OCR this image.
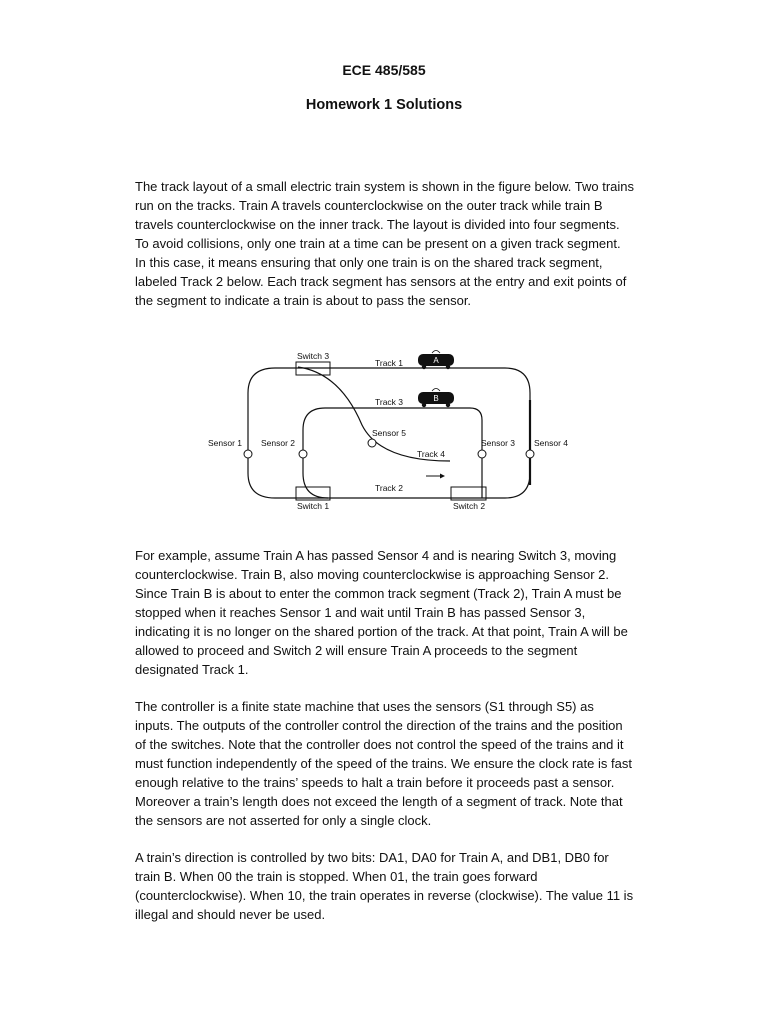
ECE 485/585
Homework 1 Solutions

The track layout of a small electric train system is shown in the figure below. Two trains run on the tracks. Train A travels counterclockwise on the outer track while train B travels counterclockwise on the inner track. The layout is divided into four segments. To avoid collisions, only one train at a time can be present on a given track segment. In this case, it means ensuring that only one train is on the shared track segment, labeled Track 2 below. Each track segment has sensors at the entry and exit points of the segment to indicate a train is about to pass the sensor.

A
B
Switch 3
Switch 1	Switch 2
Track 1
Track 3
Track 4
Track 2
Sensor 1 Sensor 2	Sensor 3 Sensor 4
Sensor 5

For example, assume Train A has passed Sensor 4 and is nearing Switch 3, moving counterclockwise. Train B, also moving counterclockwise is approaching Sensor 2. Since Train B is about to enter the common track segment (Track 2), Train A must be stopped when it reaches Sensor 1 and wait until Train B has passed Sensor 3, indicating it is no longer on the shared portion of the track. At that point, Train A will be allowed to proceed and Switch 2 will ensure Train A proceeds to the segment designated Track 1.

The controller is a finite state machine that uses the sensors (S1 through S5) as inputs. The outputs of the controller control the direction of the trains and the position of the switches. Note that the controller does not control the speed of the trains and it must function independently of the speed of the trains. We ensure the clock rate is fast enough relative to the trains’ speeds to halt a train before it proceeds past a sensor. Moreover a train’s length does not exceed the length of a segment of track. Note that the sensors are not asserted for only a single clock.

A train’s direction is controlled by two bits: DA1, DA0 for Train A, and DB1, DB0 for train B. When 00 the train is stopped. When 01, the train goes forward (counterclockwise). When 10, the train operates in reverse (clockwise). The value 11 is illegal and should never be used.
